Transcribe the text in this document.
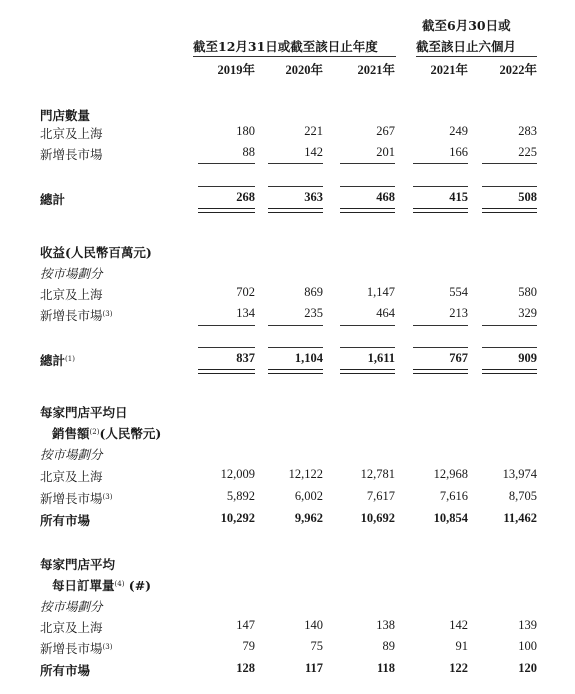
截至12月31日或截至該日止年度
截至6月30日或
截至該日止六個月
2019年	2020年	2021年	2021年	2022年
門店數量
北京及上海	180	221	267	249	283
新增長市場	88	142	201	166	225
總計	268	363	468	415	508
收益(人民幣百萬元)
按市場劃分
北京及上海	702	869	1,147	554	580
新增長市場$^{(3)}$	134	235	464	213	329
總計$^{(1)}$	837	1,104	1,611	767	909
每家門店平均日
銷售額$^{(2)}$(人民幣元)
按市場劃分
北京及上海	12,009	12,122	12,781	12,968	13,974
新增長市場$^{(3)}$	5,892	6,002	7,617	7,616	8,705
所有市場	10,292	9,962	10,692	10,854	11,462
每家門店平均
每日訂單量$^{(4)}$ (#)
按市場劃分
北京及上海	147	140	138	142	139
新增長市場$^{(3)}$	79	75	89	91	100
所有市場	128	117	118	122	120
